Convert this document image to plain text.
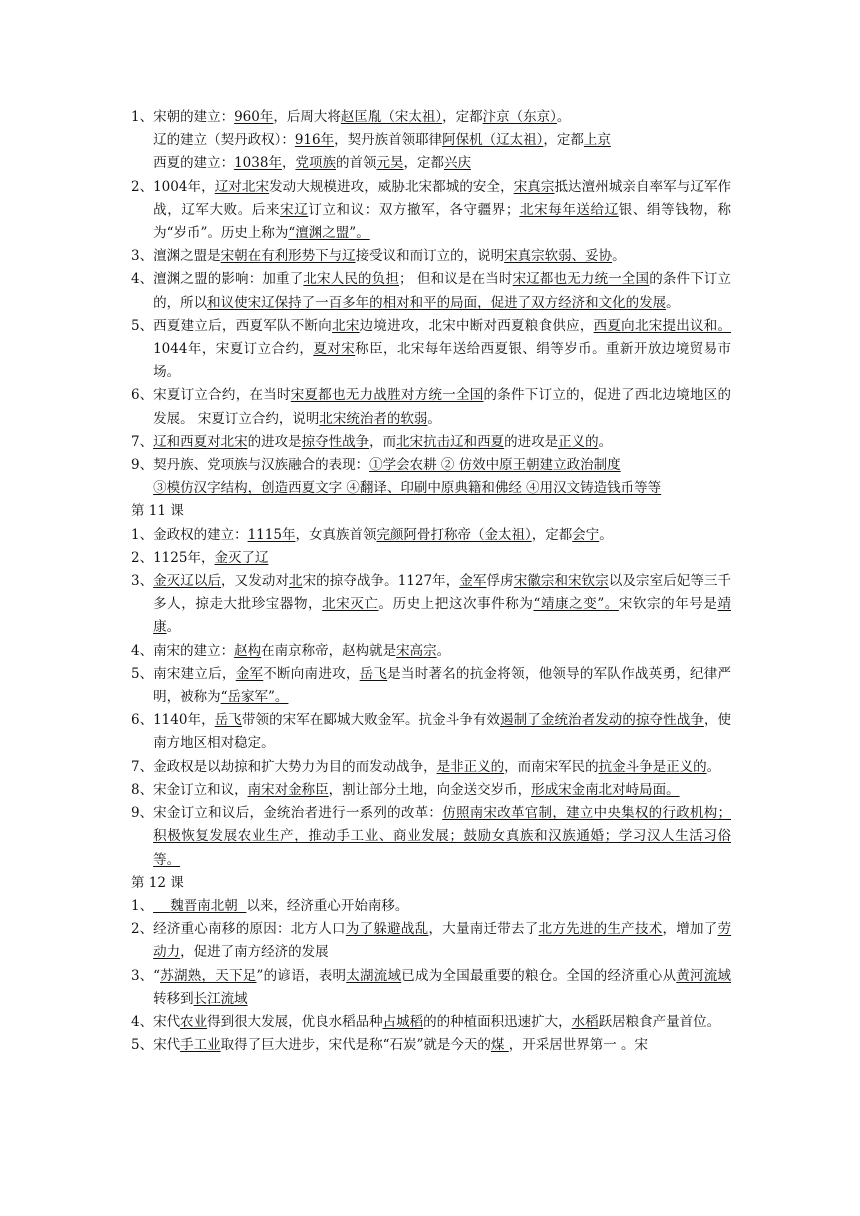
1、 宋朝的建立：960年，后周大将赵匡胤（宋太祖），定都汴京（东京）。
辽的建立（契丹政权）：916年，契丹族首领耶律阿保机（辽太祖），定都上京
西夏的建立：1038年，党项族的首领元昊，定都兴庆
2、 1004年，辽对北宋发动大规模进攻，威胁北宋都城的安全，宋真宗抵达澶州城亲自率军与辽军作战，辽军大败。后来宋辽订立和议：双方撤军，各守疆界；北宋每年送给辽银、绢等钱物，称为“岁币”。历史上称为“澶渊之盟”。
3、 澶渊之盟是宋朝在有利形势下与辽接受议和而订立的，说明宋真宗软弱、妥协。
4、 澶渊之盟的影响：加重了北宋人民的负担； 但和议是在当时宋辽都也无力统一全国的条件下订立的，所以和议使宋辽保持了一百多年的相对和平的局面，促进了双方经济和文化的发展。
5、 西夏建立后，西夏军队不断向北宋边境进攻，北宋中断对西夏粮食供应，西夏向北宋提出议和。1044年，宋夏订立合约，夏对宋称臣，北宋每年送给西夏银、绢等岁币。重新开放边境贸易市场。
6、 宋夏订立合约，在当时宋夏都也无力战胜对方统一全国的条件下订立的，促进了西北边境地区的发展。 宋夏订立合约，说明北宋统治者的软弱。
7、 辽和西夏对北宋的进攻是掠夺性战争，而北宋抗击辽和西夏的进攻是正义的。
9、 契丹族、党项族与汉族融合的表现：①学会农耕 ② 仿效中原王朝建立政治制度
③模仿汉字结构，创造西夏文字 ④翻译、印刷中原典籍和佛经 ④用汉文铸造钱币等等
第 11 课
1、 金政权的建立：1115年，女真族首领完颜阿骨打称帝（金太祖），定都会宁。
2、 1125年，金灭了辽
3、 金灭辽以后，又发动对北宋的掠夺战争。1127年，金军俘虏宋徽宗和宋钦宗以及宗室后妃等三千多人，掠走大批珍宝器物，北宋灭亡。历史上把这次事件称为“靖康之变”。宋钦宗的年号是靖康。
4、 南宋的建立：赵构在南京称帝，赵构就是宋高宗。
5、 南宋建立后，金军不断向南进攻，岳飞是当时著名的抗金将领，他领导的军队作战英勇，纪律严明，被称为“岳家军”。
6、 1140年，岳飞带领的宋军在郾城大败金军。抗金斗争有效遏制了金统治者发动的掠夺性战争，使南方地区相对稳定。
7、 金政权是以劫掠和扩大势力为目的而发动战争，是非正义的，而南宋军民的抗金斗争是正义的。
8、 宋金订立和议，南宋对金称臣，割让部分土地，向金送交岁币，形成宋金南北对峙局面。
9、 宋金订立和议后，金统治者进行一系列的改革：仿照南宋改革官制，建立中央集权的行政机构；积极恢复发展农业生产，推动手工业、商业发展；鼓励女真族和汉族通婚；学习汉人生活习俗等。
第 12 课
1、 魏晋南北朝  以来，经济重心开始南移。
2、 经济重心南移的原因：北方人口为了躲避战乱，大量南迁带去了北方先进的生产技术，增加了劳动力，促进了南方经济的发展
3、 “苏湖熟，天下足”的谚语，表明太湖流域已成为全国最重要的粮仓。全国的经济重心从黄河流域转移到长江流域
4、 宋代农业得到很大发展，优良水稻品种占城稻的的种植面积迅速扩大，水稻跃居粮食产量首位。
5、 宋代手工业取得了巨大进步，宋代是称“石炭”就是今天的煤 ，开采居世界第一 。宋
